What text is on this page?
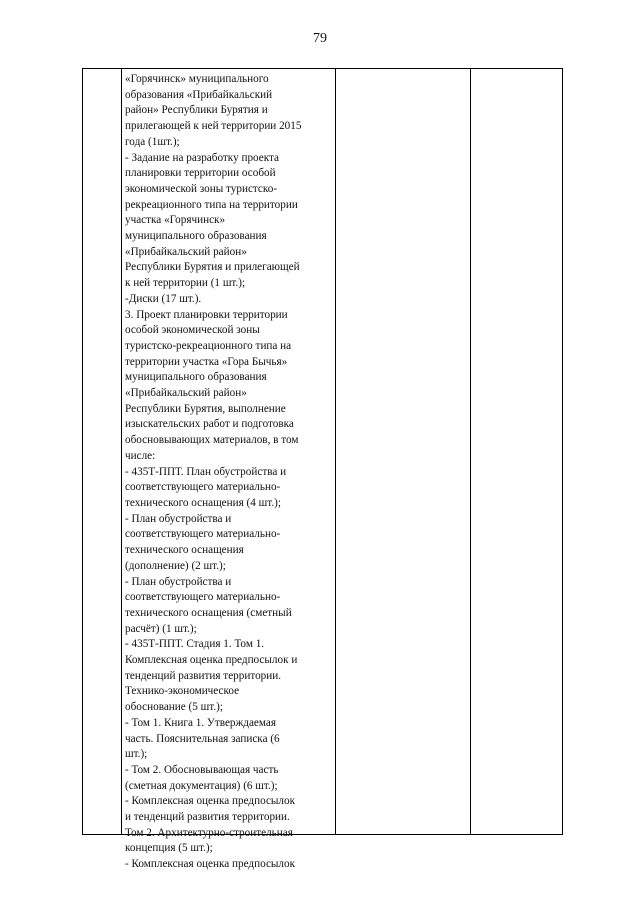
79
«Горячинск» муниципального
образования «Прибайкальский
район» Республики Бурятия и
прилегающей к ней территории 2015
года (1шт.);
- Задание на разработку проекта
планировки территории особой
экономической зоны туристско-
рекреационного типа на территории
участка «Горячинск»
муниципального образования
«Прибайкальский район»
Республики Бурятия и прилегающей
к ней территории (1 шт.);
-Диски (17 шт.).
3. Проект планировки территории
особой экономической зоны
туристско-рекреационного типа на
территории участка «Гора Бычья»
муниципального образования
«Прибайкальский район»
Республики Бурятия, выполнение
изыскательских работ и подготовка
обосновывающих материалов, в том
числе:
- 435Т-ППТ. План обустройства и
соответствующего материально-
технического оснащения (4 шт.);
- План обустройства и
соответствующего материально-
технического оснащения
(дополнение) (2 шт.);
- План обустройства и
соответствующего материально-
технического оснащения (сметный
расчёт) (1 шт.);
- 435Т-ППТ. Стадия 1. Том 1.
Комплексная оценка предпосылок и
тенденций развития территории.
Технико-экономическое
обоснование (5 шт.);
- Том 1. Книга 1. Утверждаемая
часть. Пояснительная записка (6
шт.);
- Том 2. Обосновывающая часть
(сметная документация) (6 шт.);
- Комплексная оценка предпосылок
и тенденций развития территории.
Том 2. Архитектурно-строительная
концепция (5 шт.);
- Комплексная оценка предпосылок
